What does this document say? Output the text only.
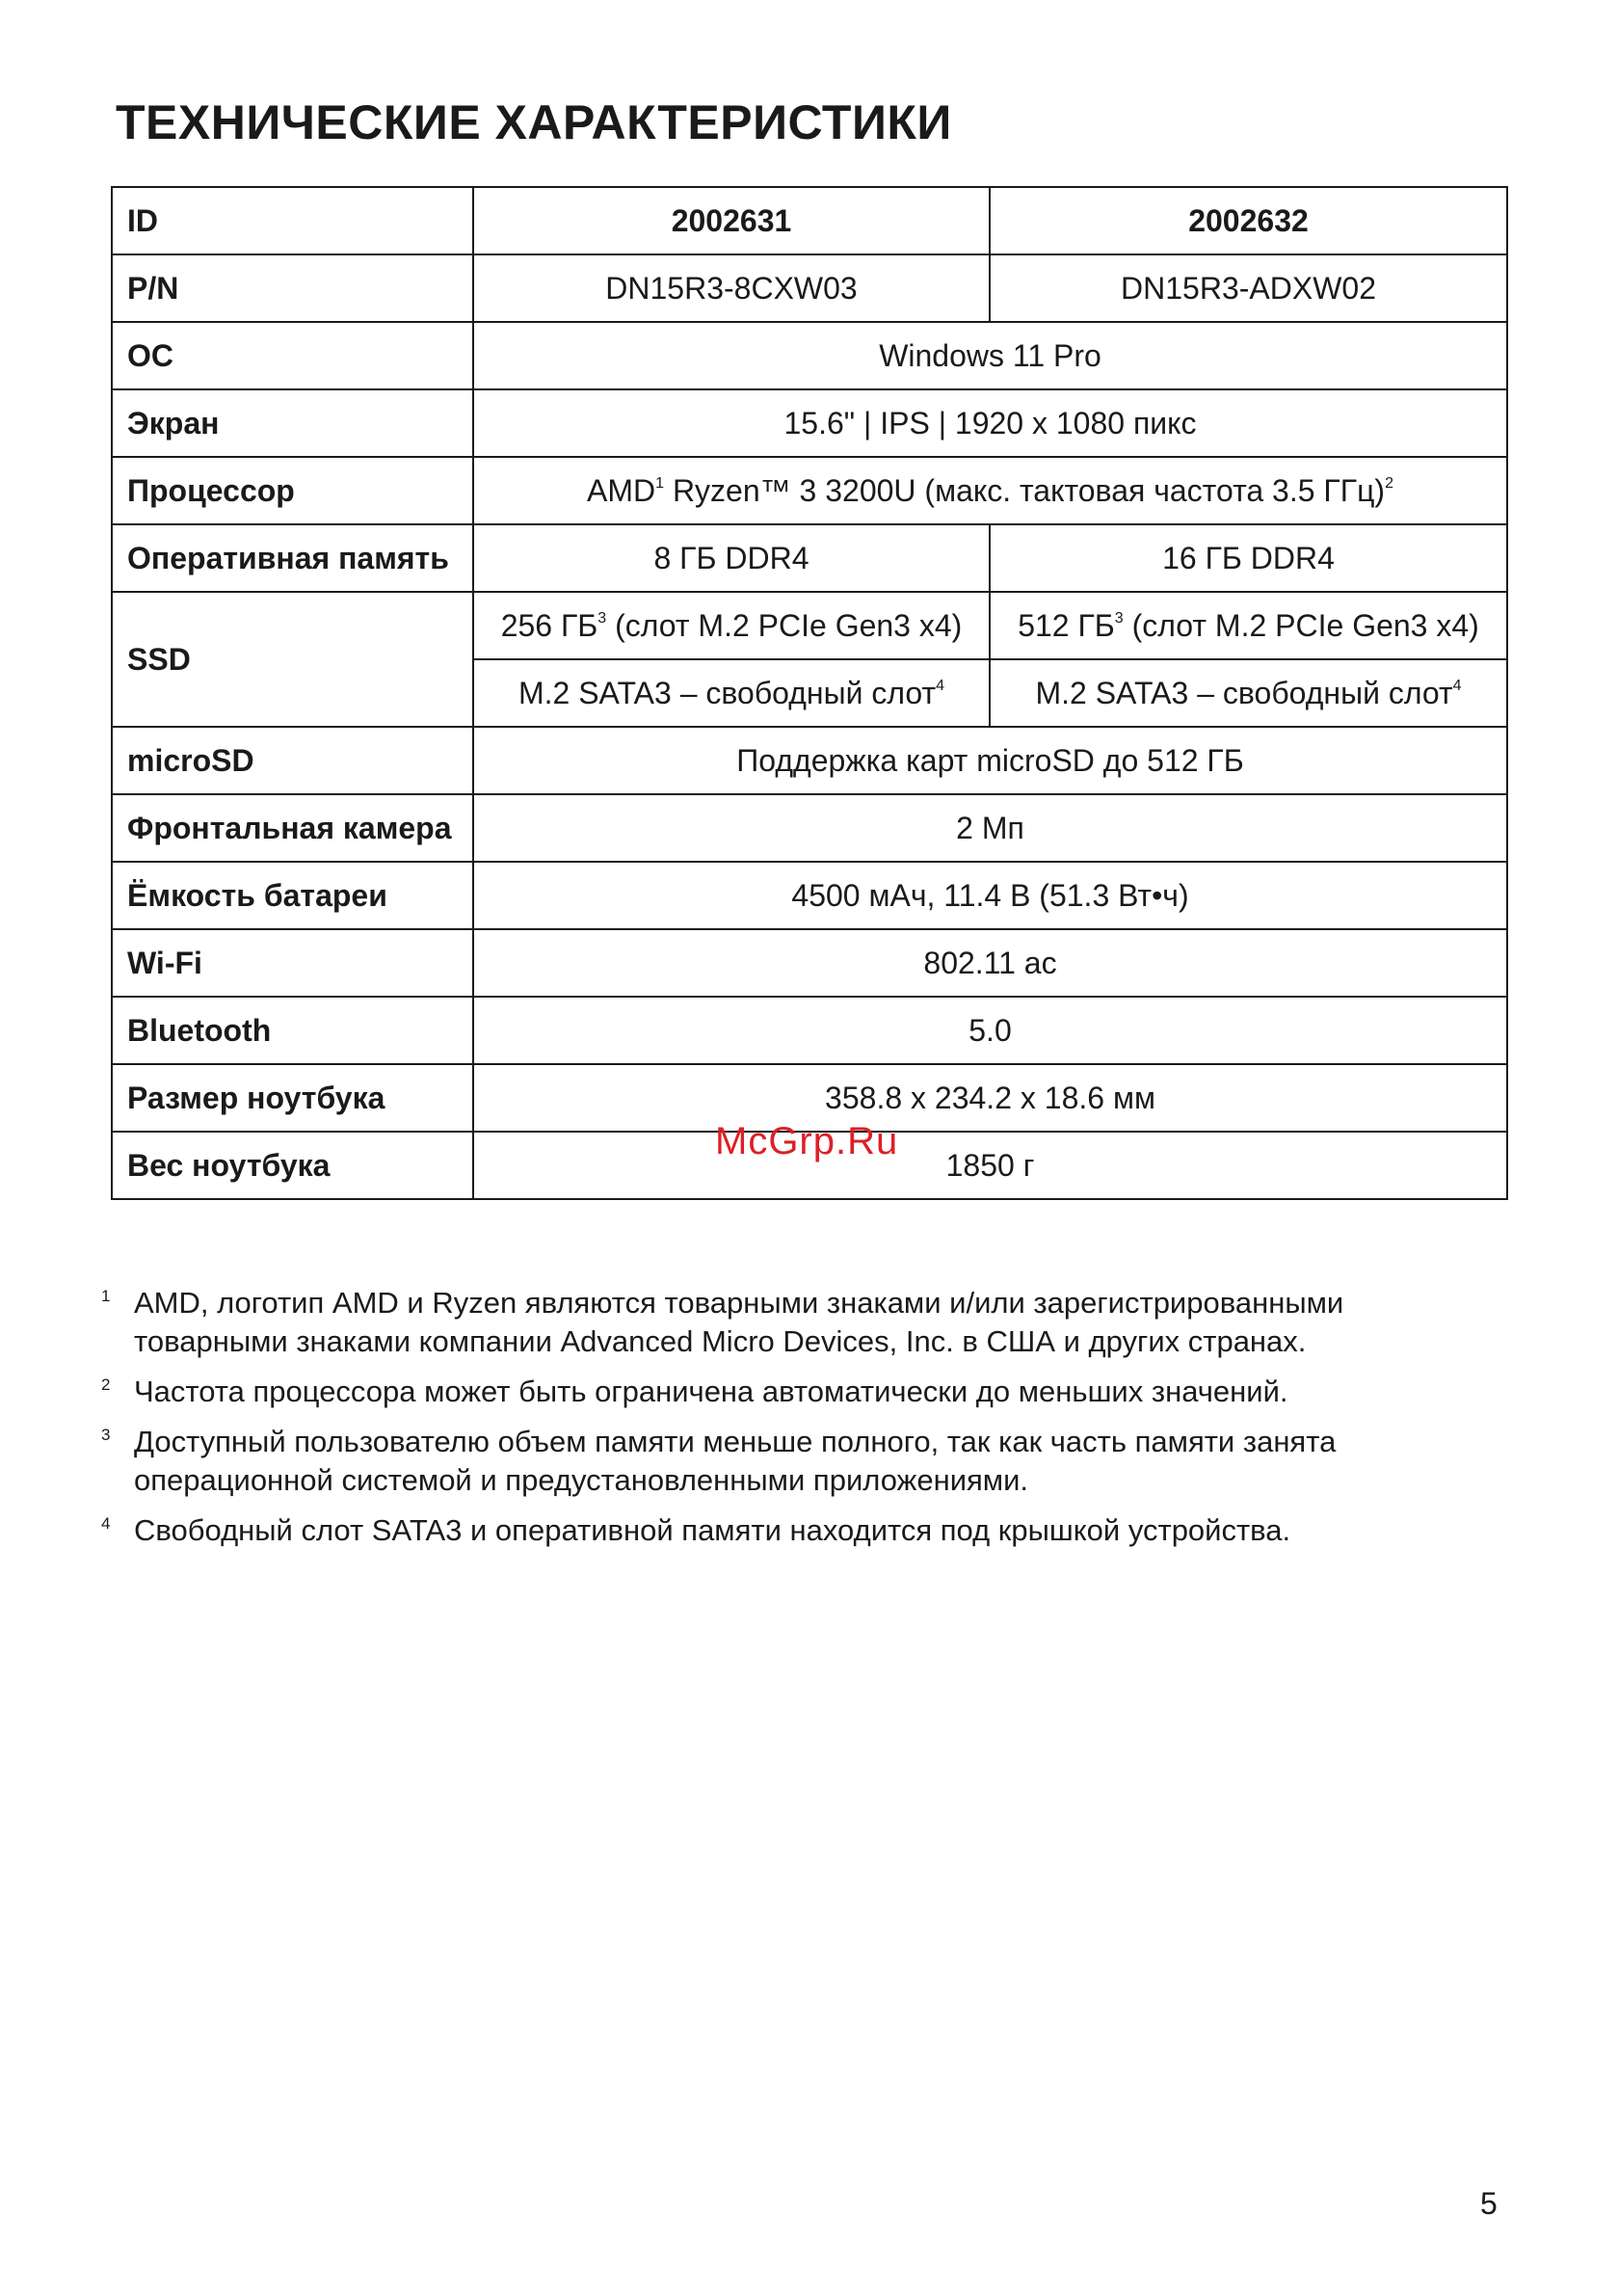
ТЕХНИЧЕСКИЕ ХАРАКТЕРИСТИКИ
ID	2002631	2002632
P/N	DN15R3-8CXW03	DN15R3-ADXW02
ОС	Windows 11 Pro	
Экран	15.6" | IPS | 1920 x 1080 пикс	
Процессор	AMD$^1$ Ryzen™ 3 3200U (макс. тактовая частота 3.5 ГГц)$^2$
Оперативная память	8 ГБ DDR4	16 ГБ DDR4
SSD	256 $ГБ^3$ (слот M.2 PCIe Gen3 x4)	512 $ГБ^3$ (слот M.2 PCIe Gen3 x4)
	M.2 SATA3 – свободный слот$^4$	M.2 SATA3 – свободный слот$^4$
microSD	Поддержка карт microSD до 512 ГБ	
Фронтальная камера	2 Мп	
Ёмкость батареи	4500 мАч, 11.4 В (51.3 Вт•ч)	
Wi-Fi	802.11 ac	
Bluetooth	5.0	
Размер ноутбука	358.8 x 234.2 x 18.6 мм	
Вес ноутбука	1850 г	
1 AMD, логотип AMD и Ryzen являются товарными знаками и/или зарегистрированными товарными знаками компании Advanced Micro Devices, Inc. в США и других странах.
2 Частота процессора может быть ограничена автоматически до меньших значений.
3 Доступный пользователю объем памяти меньше полного, так как часть памяти занята операционной системой и предустановленными приложениями.
4 Свободный слот SATA3 и оперативной памяти находится под крышкой устройства.
McGrp.Ru
5
